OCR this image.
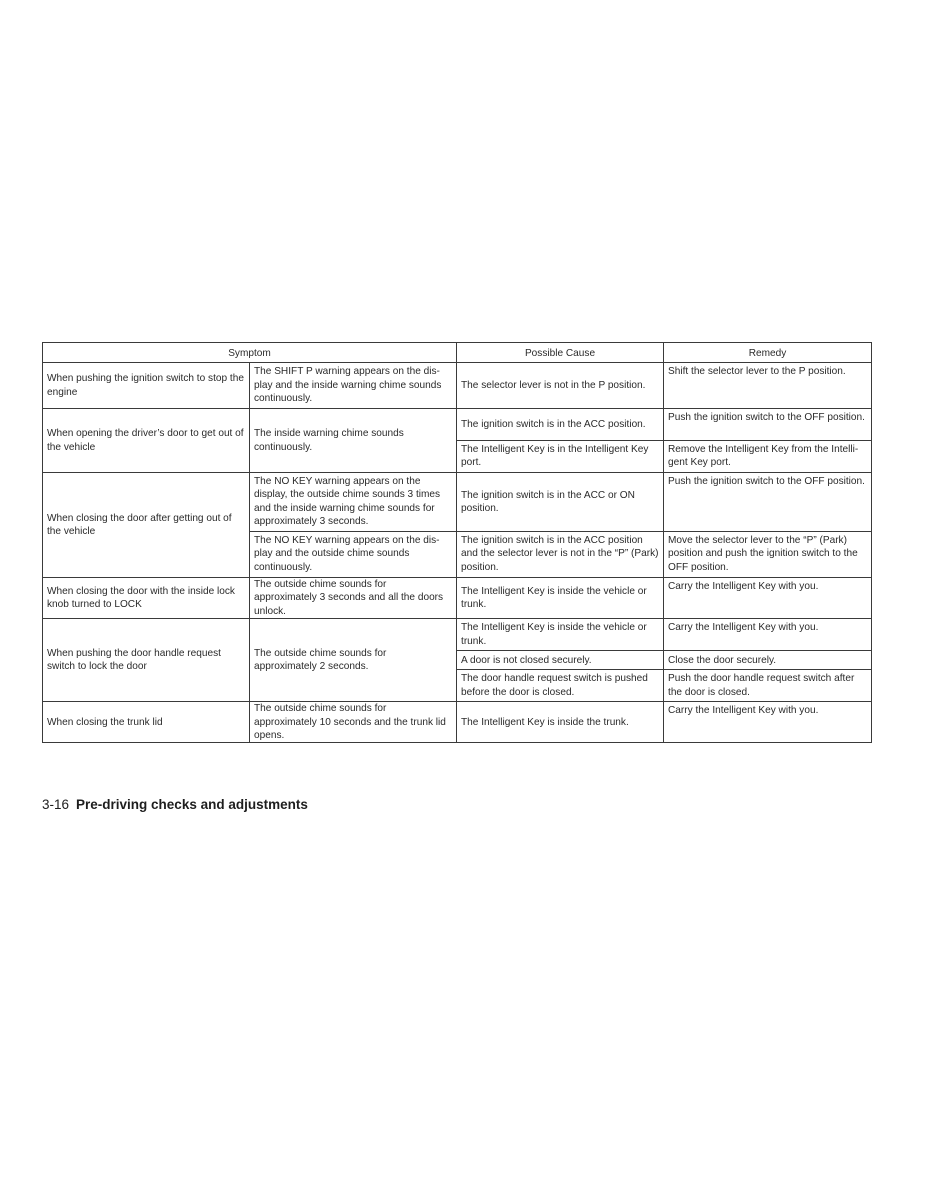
Symptom		Possible Cause	Remedy
When pushing the ignition switch to stop the engine	The SHIFT P warning appears on the display and the inside warning chime sounds continuously.	The selector lever is not in the P position.	Shift the selector lever to the P position.
When opening the driver’s door to get out of the vehicle	The inside warning chime sounds continuously.	The ignition switch is in the ACC position.	Push the ignition switch to the OFF position.
		The Intelligent Key is in the Intelligent Key port.	Remove the Intelligent Key from the Intelligent Key port.
When closing the door after getting out of the vehicle	The NO KEY warning appears on the display, the outside chime sounds 3 times and the inside warning chime sounds for approximately 3 seconds.	The ignition switch is in the ACC or ON position.	Push the ignition switch to the OFF position.
	The NO KEY warning appears on the display and the outside chime sounds continuously.	The ignition switch is in the ACC position and the selector lever is not in the “P” (Park) position.	Move the selector lever to the “P” (Park) position and push the ignition switch to the OFF position.
When closing the door with the inside lock knob turned to LOCK	The outside chime sounds for approximately 3 seconds and all the doors unlock.	The Intelligent Key is inside the vehicle or trunk.	Carry the Intelligent Key with you.
When pushing the door handle request switch to lock the door	The outside chime sounds for approximately 2 seconds.	The Intelligent Key is inside the vehicle or trunk.	Carry the Intelligent Key with you.
		A door is not closed securely.	Close the door securely.
		The door handle request switch is pushed before the door is closed.	Push the door handle request switch after the door is closed.
When closing the trunk lid	The outside chime sounds for approximately 10 seconds and the trunk lid opens.	The Intelligent Key is inside the trunk.	Carry the Intelligent Key with you.
3-16 Pre-driving checks and adjustments
